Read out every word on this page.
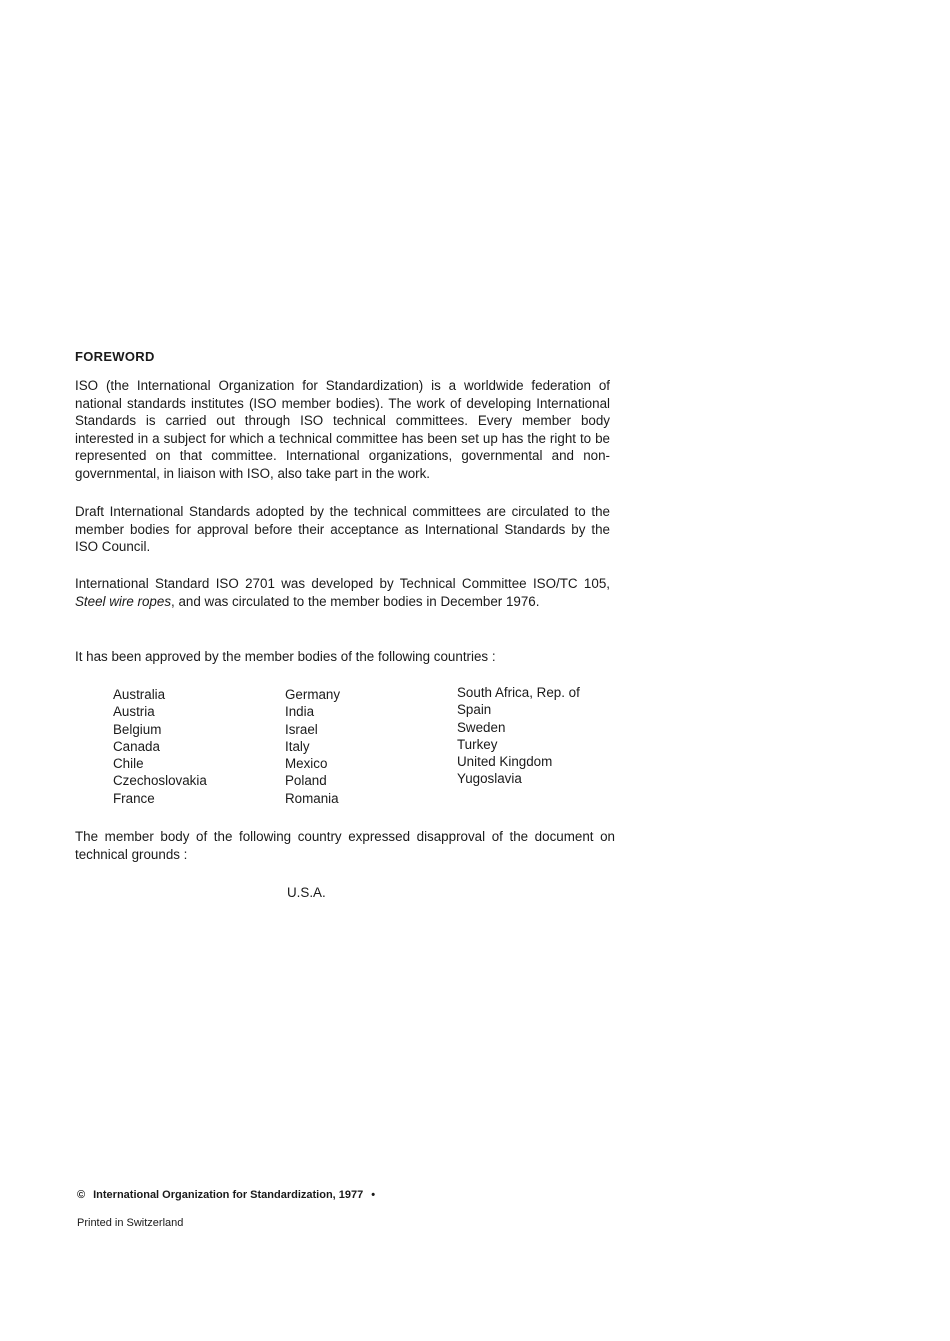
FOREWORD
ISO (the International Organization for Standardization) is a worldwide federation of national standards institutes (ISO member bodies). The work of developing International Standards is carried out through ISO technical committees. Every member body interested in a subject for which a technical committee has been set up has the right to be represented on that committee. International organizations, governmental and non-governmental, in liaison with ISO, also take part in the work.
Draft International Standards adopted by the technical committees are circulated to the member bodies for approval before their acceptance as International Standards by the ISO Council.
International Standard ISO 2701 was developed by Technical Committee ISO/TC 105, Steel wire ropes, and was circulated to the member bodies in December 1976.
It has been approved by the member bodies of the following countries :
Australia
Austria
Belgium
Canada
Chile
Czechoslovakia
France
Germany
India
Israel
Italy
Mexico
Poland
Romania
South Africa, Rep. of
Spain
Sweden
Turkey
United Kingdom
Yugoslavia
The member body of the following country expressed disapproval of the document on technical grounds :
U.S.A.
© International Organization for Standardization, 1977 •
Printed in Switzerland
